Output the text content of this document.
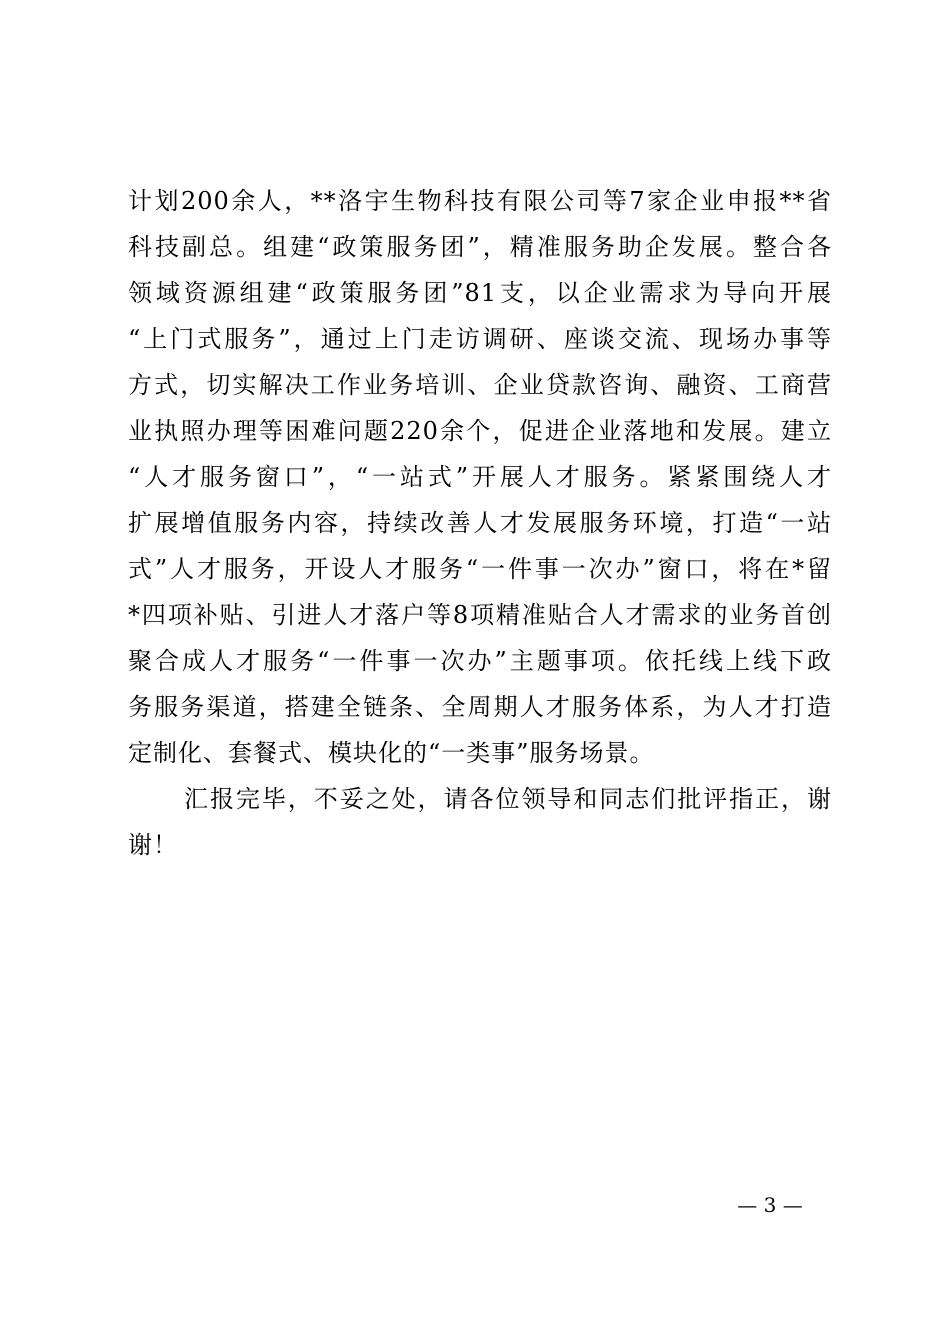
计划200余人，**洛宇生物科技有限公司等7家企业申报**省
科技副总。组建“政策服务团”，精准服务助企发展。整合各
领域资源组建“政策服务团”81支，以企业需求为导向开展
“上门式服务”，通过上门走访调研、座谈交流、现场办事等
方式，切实解决工作业务培训、企业贷款咨询、融资、工商营
业执照办理等困难问题220余个，促进企业落地和发展。建立
“人才服务窗口”，“一站式”开展人才服务。紧紧围绕人才
扩展增值服务内容，持续改善人才发展服务环境，打造“一站
式”人才服务，开设人才服务“一件事一次办”窗口，将在*留
*四项补贴、引进人才落户等8项精准贴合人才需求的业务首创
聚合成人才服务“一件事一次办”主题事项。依托线上线下政
务服务渠道，搭建全链条、全周期人才服务体系，为人才打造
定制化、套餐式、模块化的“一类事”服务场景。
汇报完毕，不妥之处，请各位领导和同志们批评指正，谢
谢！
— 3 —
